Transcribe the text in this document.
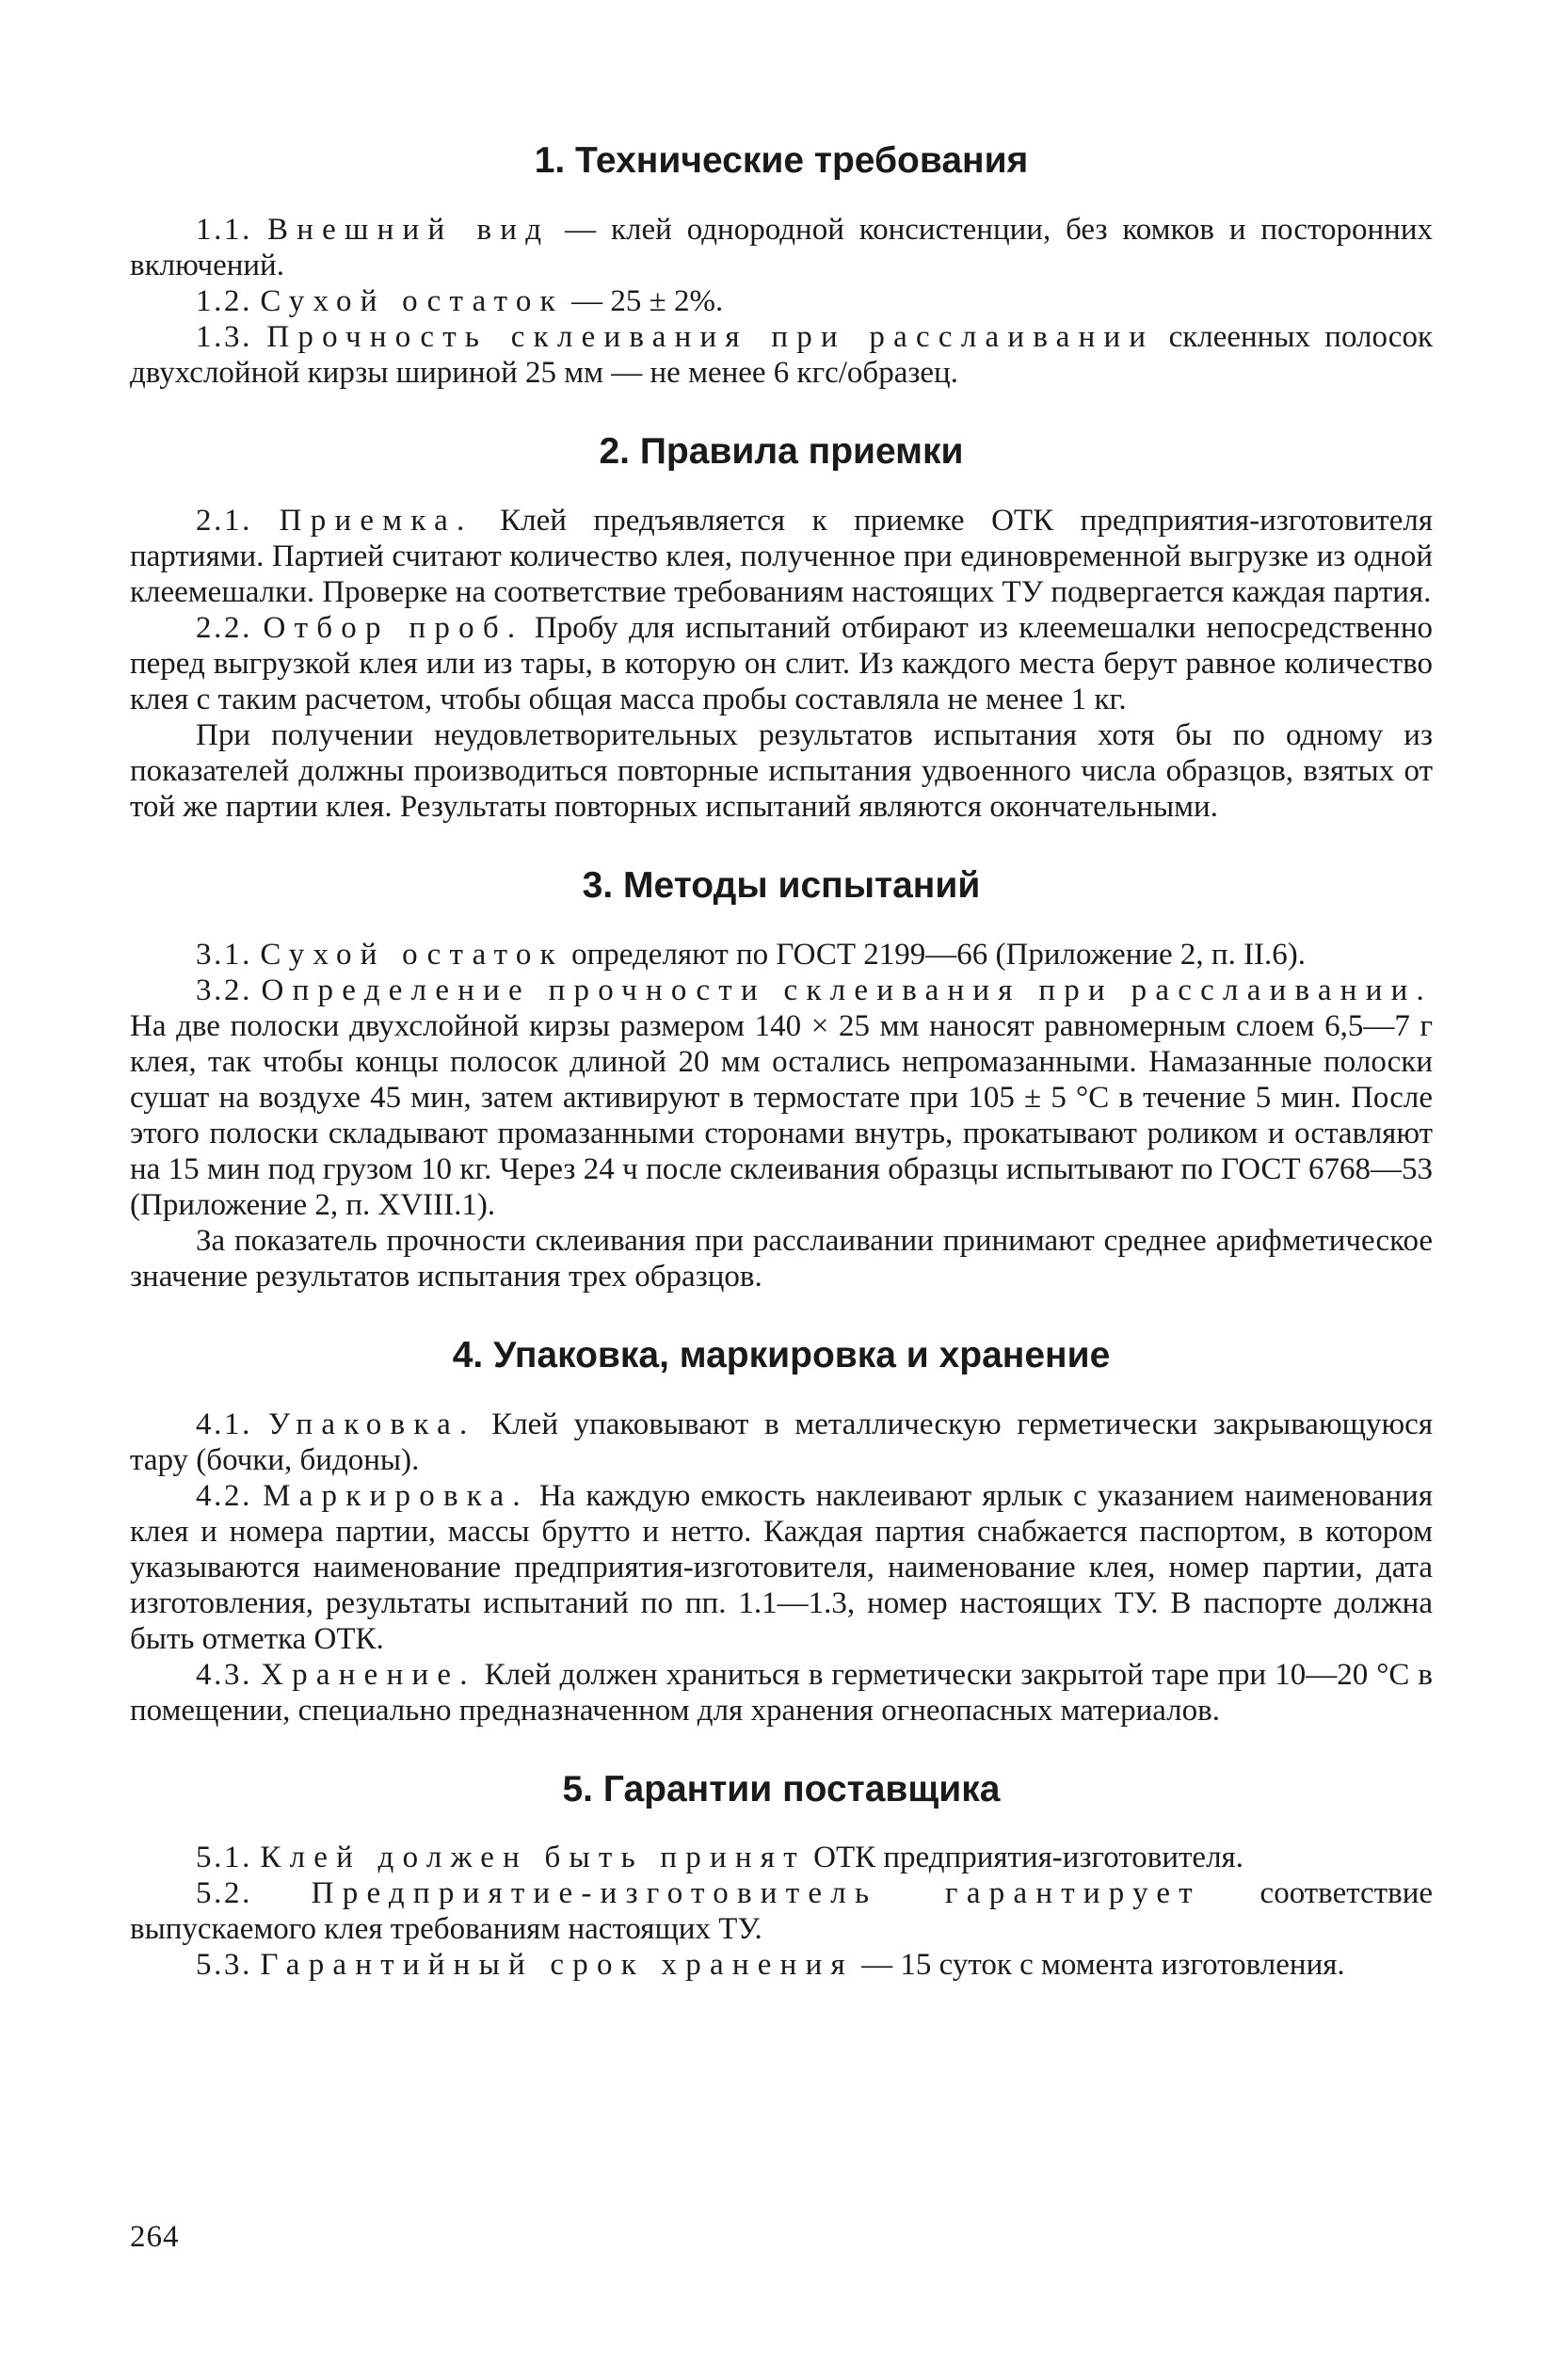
1. Технические требования

1.1. Внешний вид — клей однородной консистенции, без комков и посторонних включений.

1.2. Сухой остаток — 25 ± 2%.

1.3. Прочность склеивания при расслаивании склеенных полосок двухслойной кирзы шириной 25 мм — не менее 6 кгс/образец.

2. Правила приемки

2.1. Приемка. Клей предъявляется к приемке ОТК предприятия-изготовителя партиями. Партией считают количество клея, полученное при единовременной выгрузке из одной клеемешалки. Проверке на соответствие требованиям настоящих ТУ подвергается каждая партия.

2.2. Отбор проб. Пробу для испытаний отбирают из клеемешалки непосредственно перед выгрузкой клея или из тары, в которую он слит. Из каждого места берут равное количество клея с таким расчетом, чтобы общая масса пробы составляла не менее 1 кг.

При получении неудовлетворительных результатов испытания хотя бы по одному из показателей должны производиться повторные испытания удвоенного числа образцов, взятых от той же партии клея. Результаты повторных испытаний являются окончательными.

3. Методы испытаний

3.1. Сухой остаток определяют по ГОСТ 2199—66 (Приложение 2, п. II.6).

3.2. Определение прочности склеивания при расслаивании. На две полоски двухслойной кирзы размером 140 × 25 мм наносят равномерным слоем 6,5—7 г клея, так чтобы концы полосок длиной 20 мм остались непромазанными. Намазанные полоски сушат на воздухе 45 мин, затем активируют в термостате при 105 ± 5 °С в течение 5 мин. После этого полоски складывают промазанными сторонами внутрь, прокатывают роликом и оставляют на 15 мин под грузом 10 кг. Через 24 ч после склеивания образцы испытывают по ГОСТ 6768—53 (Приложение 2, п. XVIII.1).

За показатель прочности склеивания при расслаивании принимают среднее арифметическое значение результатов испытания трех образцов.

4. Упаковка, маркировка и хранение

4.1. Упаковка. Клей упаковывают в металлическую герметически закрывающуюся тару (бочки, бидоны).

4.2. Маркировка. На каждую емкость наклеивают ярлык с указанием наименования клея и номера партии, массы брутто и нетто. Каждая партия снабжается паспортом, в котором указываются наименование предприятия-изготовителя, наименование клея, номер партии, дата изготовления, результаты испытаний по пп. 1.1—1.3, номер настоящих ТУ. В паспорте должна быть отметка ОТК.

4.3. Хранение. Клей должен храниться в герметически закрытой таре при 10—20 °С в помещении, специально предназначенном для хранения огнеопасных материалов.

5. Гарантии поставщика

5.1. Клей должен быть принят ОТК предприятия-изготовителя.

5.2. Предприятие-изготовитель гарантирует соответствие выпускаемого клея требованиям настоящих ТУ.

5.3. Гарантийный срок хранения — 15 суток с момента изготовления.

264
